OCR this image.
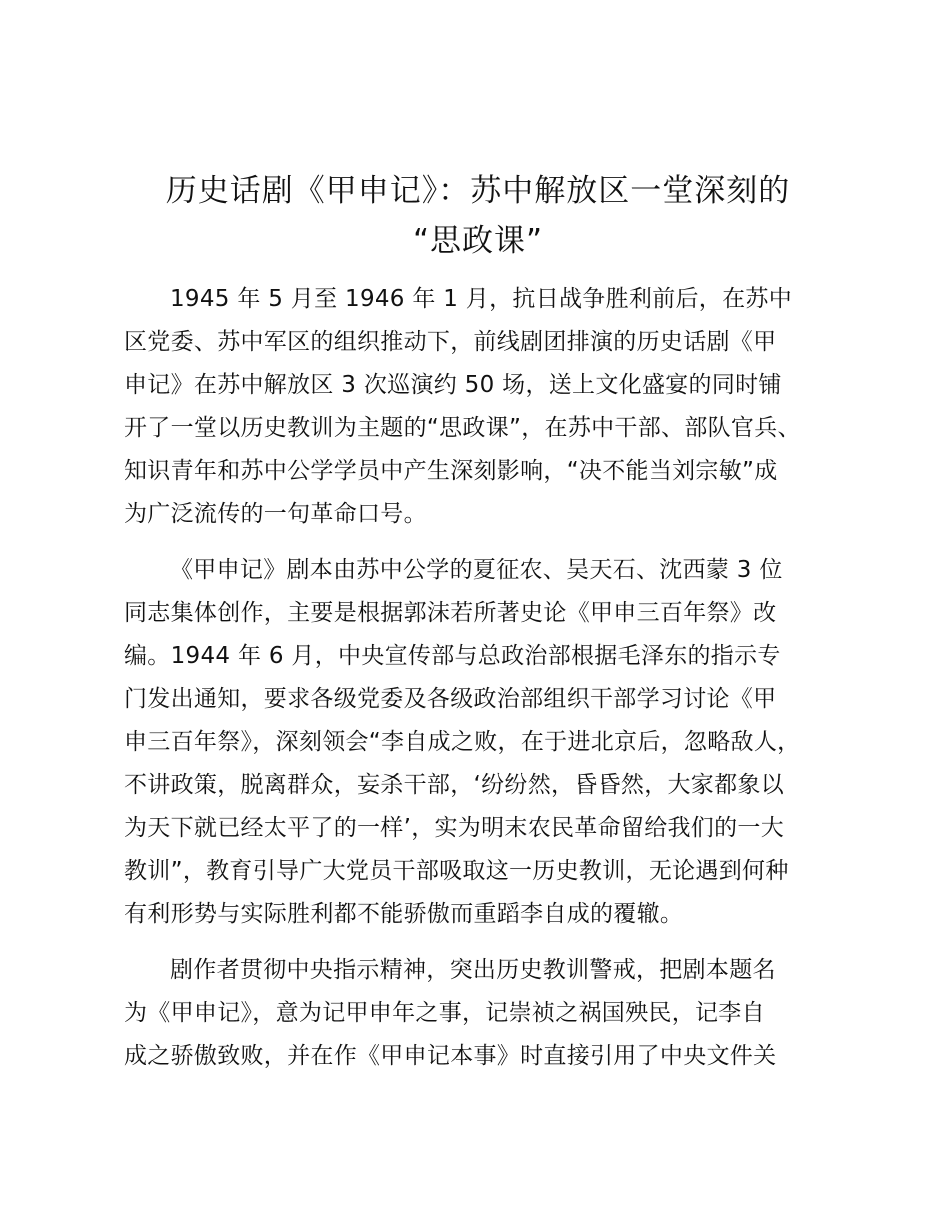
历史话剧《甲申记》：苏中解放区一堂深刻的
“思政课”

1945 年 5 月至 1946 年 1 月，抗日战争胜利前后，在苏中
区党委、苏中军区的组织推动下，前线剧团排演的历史话剧《甲
申记》在苏中解放区 3 次巡演约 50 场，送上文化盛宴的同时铺
开了一堂以历史教训为主题的“思政课”，在苏中干部、部队官兵、
知识青年和苏中公学学员中产生深刻影响，“决不能当刘宗敏”成
为广泛流传的一句革命口号。

《甲申记》剧本由苏中公学的夏征农、吴天石、沈西蒙 3 位
同志集体创作，主要是根据郭沫若所著史论《甲申三百年祭》改
编。1944 年 6 月，中央宣传部与总政治部根据毛泽东的指示专
门发出通知，要求各级党委及各级政治部组织干部学习讨论《甲
申三百年祭》，深刻领会“李自成之败，在于进北京后，忽略敌人，
不讲政策，脱离群众，妄杀干部，‘纷纷然，昏昏然，大家都象以
为天下就已经太平了的一样’，实为明末农民革命留给我们的一大
教训”，教育引导广大党员干部吸取这一历史教训，无论遇到何种
有利形势与实际胜利都不能骄傲而重蹈李自成的覆辙。

剧作者贯彻中央指示精神，突出历史教训警戒，把剧本题名
为《甲申记》，意为记甲申年之事，记崇祯之祸国殃民，记李自
成之骄傲致败，并在作《甲申记本事》时直接引用了中央文件关
